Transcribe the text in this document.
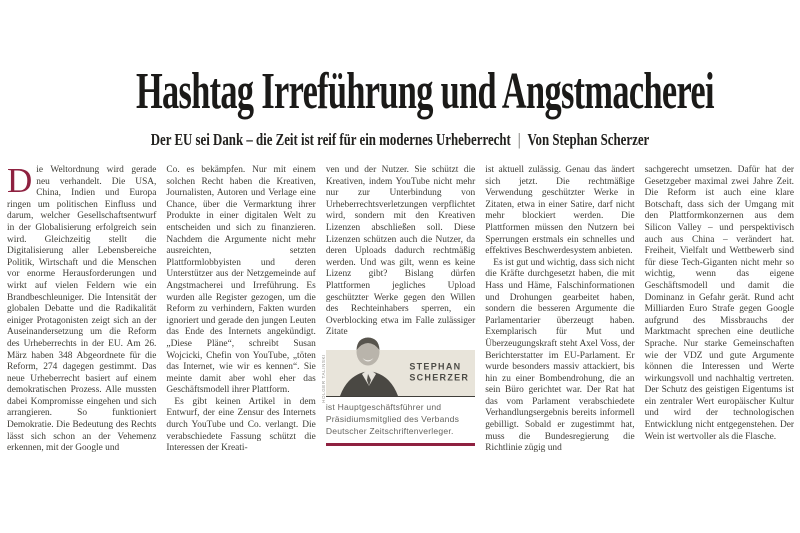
Hashtag Irreführung und Angstmacherei
Der EU sei Dank – die Zeit ist reif für ein modernes Urheberrecht | Von Stephan Scherzer

Die Weltordnung wird gerade neu verhandelt. Die USA, China, Indien und Europa ringen um politischen Einfluss und darum, welcher Gesellschaftsentwurf in der Globalisierung erfolgreich sein wird. Gleichzeitig stellt die Digitalisierung aller Lebensbereiche Politik, Wirtschaft und die Menschen vor enorme Herausforderungen und wirkt auf vielen Feldern wie ein Brandbeschleuniger. Die Intensität der globalen Debatte und die Radikalität einiger Protagonisten zeigt sich an der Auseinandersetzung um die Reform des Urheberrechts in der EU. Am 26. März haben 348 Abgeordnete für die Reform, 274 dagegen gestimmt. Das neue Urheberrecht basiert auf einem demokratischen Prozess. Alle mussten dabei Kompromisse eingehen und sich arrangieren. So funktioniert Demokratie. Die Bedeutung des Rechts lässt sich schon an der Vehemenz erkennen, mit der Google und

Co. es bekämpfen. Nur mit einem solchen Recht haben die Kreativen, Journalisten, Autoren und Verlage eine Chance, über die Vermarktung ihrer Produkte in einer digitalen Welt zu entscheiden und sich zu finanzieren. Nachdem die Argumente nicht mehr ausreichten, setzten Plattformlobbyisten und deren Unterstützer aus der Netzgemeinde auf Angstmacherei und Irreführung. Es wurden alle Register gezogen, um die Reform zu verhindern, Fakten wurden ignoriert und gerade den jungen Leuten das Ende des Internets angekündigt. „Diese Pläne“, schreibt Susan Wojcicki, Chefin von YouTube, „töten das Internet, wie wir es kennen“. Sie meinte damit aber wohl eher das Geschäftsmodell ihrer Plattform.

Es gibt keinen Artikel in dem Entwurf, der eine Zensur des Internets durch YouTube und Co. verlangt. Die verabschiedete Fassung schützt die Interessen der Kreati-

ven und der Nutzer. Sie schützt die Kreativen, indem YouTube nicht mehr nur zur Unterbindung von Urheberrechtsverletzungen verpflichtet wird, sondern mit den Kreativen Lizenzen abschließen soll. Diese Lizenzen schützen auch die Nutzer, da deren Uploads dadurch rechtmäßig werden. Und was gilt, wenn es keine Lizenz gibt? Bislang dürfen Plattformen jegliches Upload geschützter Werke gegen den Willen des Rechteinhabers sperren, ein Overblocking etwa im Falle zulässiger Zitate

HOLGER TALINSKI	STEPHAN
SCHERZER

ist Hauptgeschäftsführer und Präsidiumsmitglied des Verbands Deutscher Zeitschriftenverleger.

ist aktuell zulässig. Genau das ändert sich jetzt. Die rechtmäßige Verwendung geschützter Werke in Zitaten, etwa in einer Satire, darf nicht mehr blockiert werden. Die Plattformen müssen den Nutzern bei Sperrungen erstmals ein schnelles und effektives Beschwerdesystem anbieten.

Es ist gut und wichtig, dass sich nicht die Kräfte durchgesetzt haben, die mit Hass und Häme, Falschinformationen und Drohungen gearbeitet haben, sondern die besseren Argumente die Parlamentarier überzeugt haben. Exemplarisch für Mut und Überzeugungskraft steht Axel Voss, der Berichterstatter im EU-Parlament. Er wurde besonders massiv attackiert, bis hin zu einer Bombendrohung, die an sein Büro gerichtet war. Der Rat hat das vom Parlament verabschiedete Verhandlungsergebnis bereits informell gebilligt. Sobald er zugestimmt hat, muss die Bundesregierung die Richtlinie zügig und

sachgerecht umsetzen. Dafür hat der Gesetzgeber maximal zwei Jahre Zeit. Die Reform ist auch eine klare Botschaft, dass sich der Umgang mit den Plattformkonzernen aus dem Silicon Valley – und perspektivisch auch aus China – verändert hat. Freiheit, Vielfalt und Wettbewerb sind für diese Tech-Giganten nicht mehr so wichtig, wenn das eigene Geschäftsmodell und damit die Dominanz in Gefahr gerät. Rund acht Milliarden Euro Strafe gegen Google aufgrund des Missbrauchs der Marktmacht sprechen eine deutliche Sprache. Nur starke Gemeinschaften wie der VDZ und gute Argumente können die Interessen und Werte wirkungsvoll und nachhaltig vertreten. Der Schutz des geistigen Eigentums ist ein zentraler Wert europäischer Kultur und wird der technologischen Entwicklung nicht entgegenstehen. Der Wein ist wertvoller als die Flasche.
